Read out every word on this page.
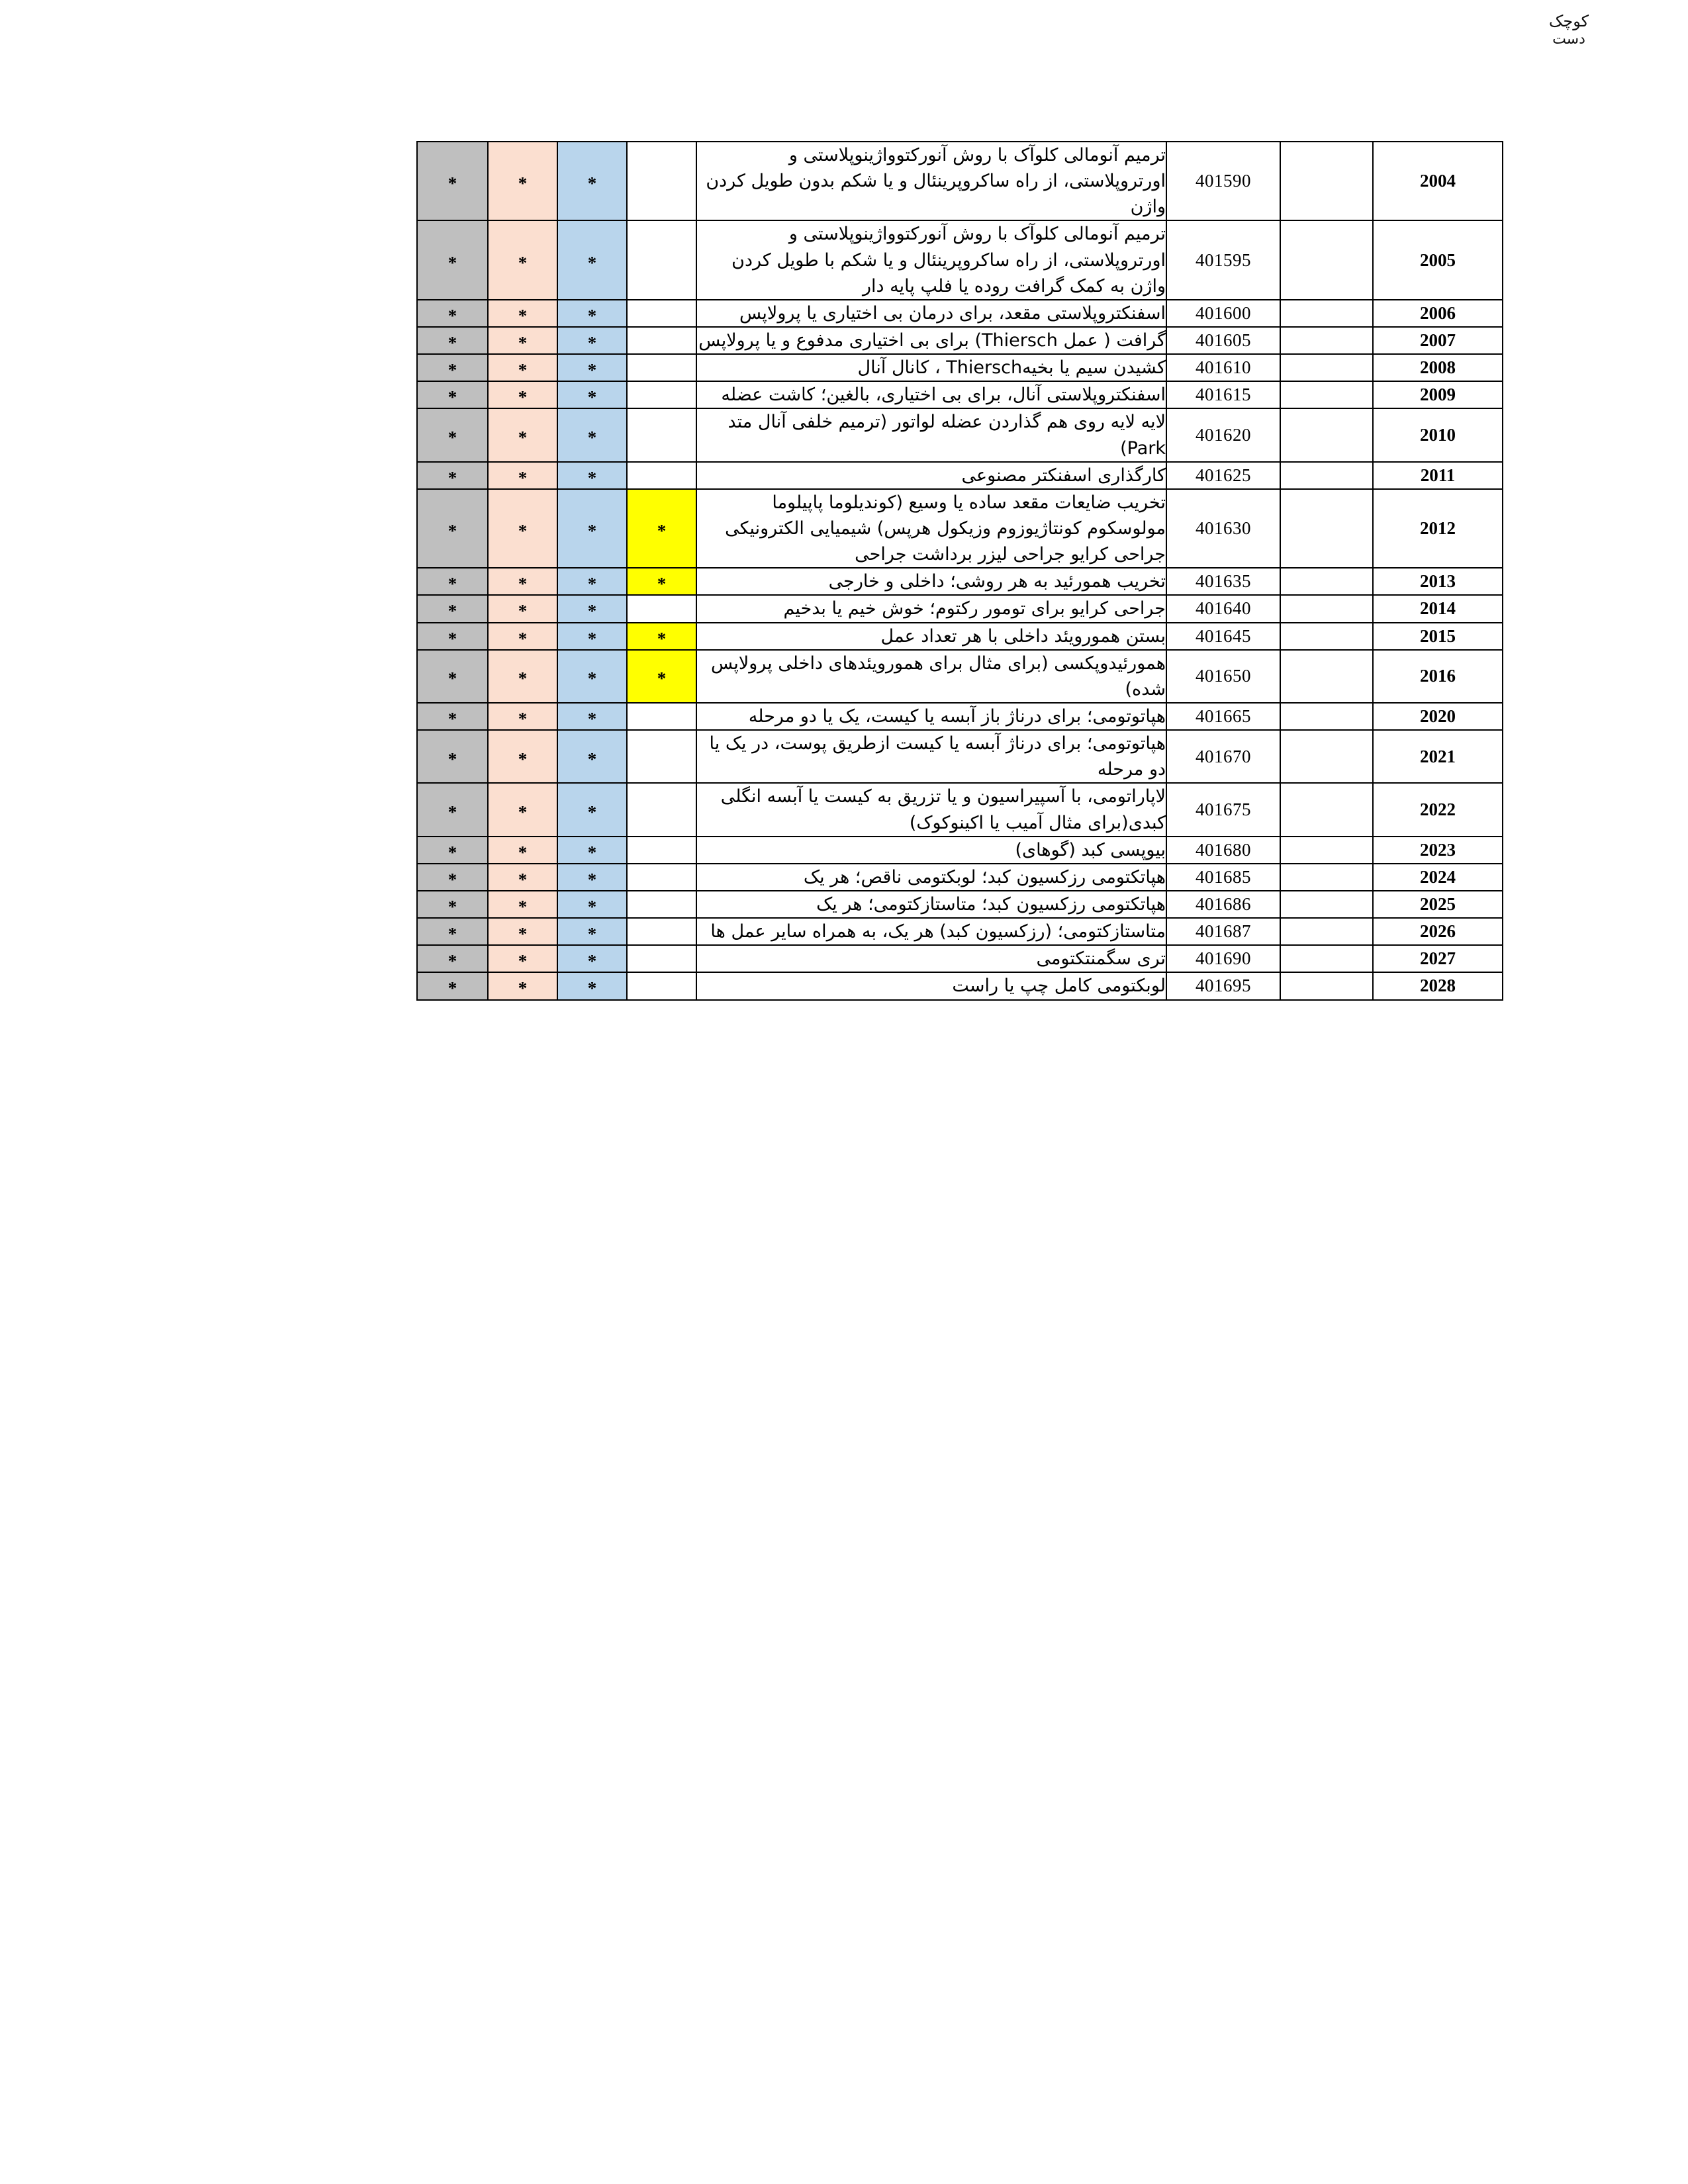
کوچک
دست
2004		401590	ترمیم آنومالی کلوآک با روش آنورکتوواژینوپلاستی و اورتروپلاستی، از راه ساکروپرینئال و یا شکم بدون طویل کردن واژن		*	*	*
2005		401595	ترمیم آنومالی کلوآک با روش آنورکتوواژینوپلاستی و اورتروپلاستی، از راه ساکروپرینئال و یا شکم با طویل کردن واژن به کمک گرافت روده یا فلپ پایه دار		*	*	*
2006		401600	اسفنکتروپلاستی مقعد، برای درمان بی اختیاری یا پرولاپس		*	*	*
2007		401605	گرافت ( عمل Thiersch) برای بی اختیاری مدفوع و یا پرولاپس		*	*	*
2008		401610	کشیدن سیم یا بخیهThiersch ، کانال آنال		*	*	*
2009		401615	اسفنکتروپلاستی آنال، برای بی اختیاری، بالغین؛ کاشت عضله		*	*	*
2010		401620	لایه لایه روی هم گذاردن عضله لواتور (ترمیم خلفی آنال متد Park)		*	*	*
2011		401625	کارگذاری اسفنکتر مصنوعی		*	*	*
2012		401630	تخریب ضایعات مقعد ساده یا وسیع (کوندیلوما پاپیلوما مولوسکوم کونتاژیوزوم وزیکول هرپس) شیمیایی الکترونیکی جراحی کرایو جراحی لیزر برداشت جراحی	*	*	*	*
2013		401635	تخریب همورئید به هر روشی؛ داخلی و خارجی	*	*	*	*
2014		401640	جراحی کرایو برای تومور رکتوم؛ خوش خیم یا بدخیم		*	*	*
2015		401645	بستن همورویئد داخلی با هر تعداد عمل	*	*	*	*
2016		401650	همورئیدوپکسی (برای مثال برای همورویئدهای داخلی پرولاپس شده)	*	*	*	*
2020		401665	هپاتوتومی؛ برای درناژ باز آبسه یا کیست، یک یا دو مرحله		*	*	*
2021		401670	هپاتوتومی؛ برای درناژ آبسه یا کیست ازطریق پوست، در یک یا دو مرحله		*	*	*
2022		401675	لاپاراتومی، با آسپیراسیون و یا تزریق به کیست یا آبسه انگلی کبدی(برای مثال آمیب یا اکینوکوک)		*	*	*
2023		401680	بیوپسی کبد (گوهای)		*	*	*
2024		401685	هپاتکتومی رزکسیون کبد؛ لوبکتومی ناقص؛ هر یک		*	*	*
2025		401686	هپاتکتومی رزکسیون کبد؛ متاستازکتومی؛ هر یک		*	*	*
2026		401687	متاستازکتومی؛ (رزکسیون کبد) هر یک، به همراه سایر عمل ها		*	*	*
2027		401690	تری سگمنتکتومی		*	*	*
2028		401695	لوبکتومی کامل چپ یا راست		*	*	*
